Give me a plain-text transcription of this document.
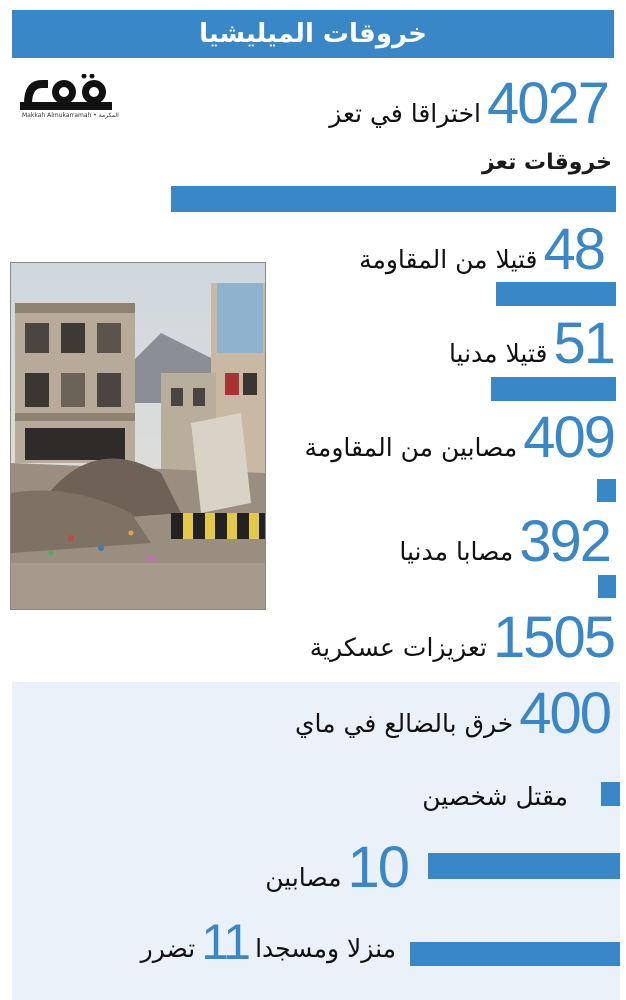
خروقات الميليشيا
Makkah Almukarramah • المكرمة	اختراقا في تعز 4027
خروقات تعز
قتيلا من المقاومة 48
قتيلا مدنيا 51
مصابين من المقاومة 409
مصابا مدنيا 392
تعزيزات عسكرية 1505
خرق بالضالع في ماي 400
مقتل شخصين
مصابين 10
تضرر 11 منزلا ومسجدا
